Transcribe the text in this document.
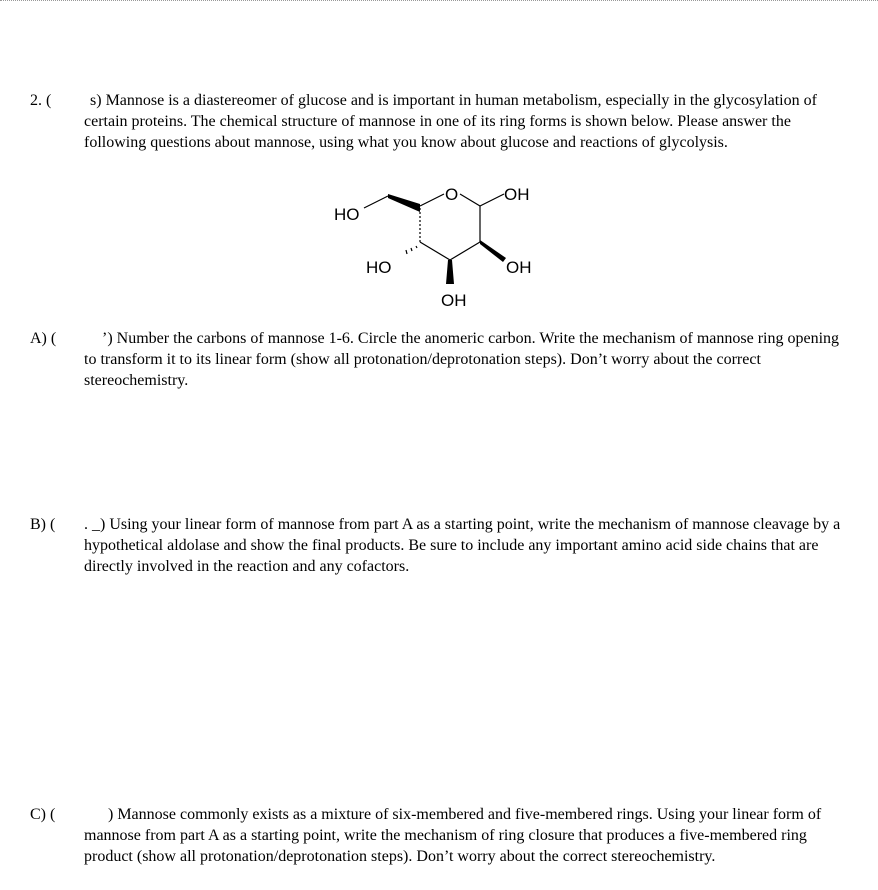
2. (	s) Mannose is a diastereomer of glucose and is important in human metabolism, especially in the glycosylation of certain proteins. The chemical structure of mannose in one of its ring forms is shown below. Please answer the following questions about mannose, using what you know about glucose and reactions of glycolysis.
HO
O	OH
HO	OH
OH
A) (	’) Number the carbons of mannose 1-6. Circle the anomeric carbon. Write the mechanism of mannose ring opening to transform it to its linear form (show all protonation/deprotonation steps). Don’t worry about the correct stereochemistry.
B) ( . _) Using your linear form of mannose from part A as a starting point, write the mechanism of mannose cleavage by a hypothetical aldolase and show the final products. Be sure to include any important amino acid side chains that are directly involved in the reaction and any cofactors.
C) (	) Mannose commonly exists as a mixture of six-membered and five-membered rings. Using your linear form of mannose from part A as a starting point, write the mechanism of ring closure that produces a five-membered ring product (show all protonation/deprotonation steps). Don’t worry about the correct stereochemistry.
